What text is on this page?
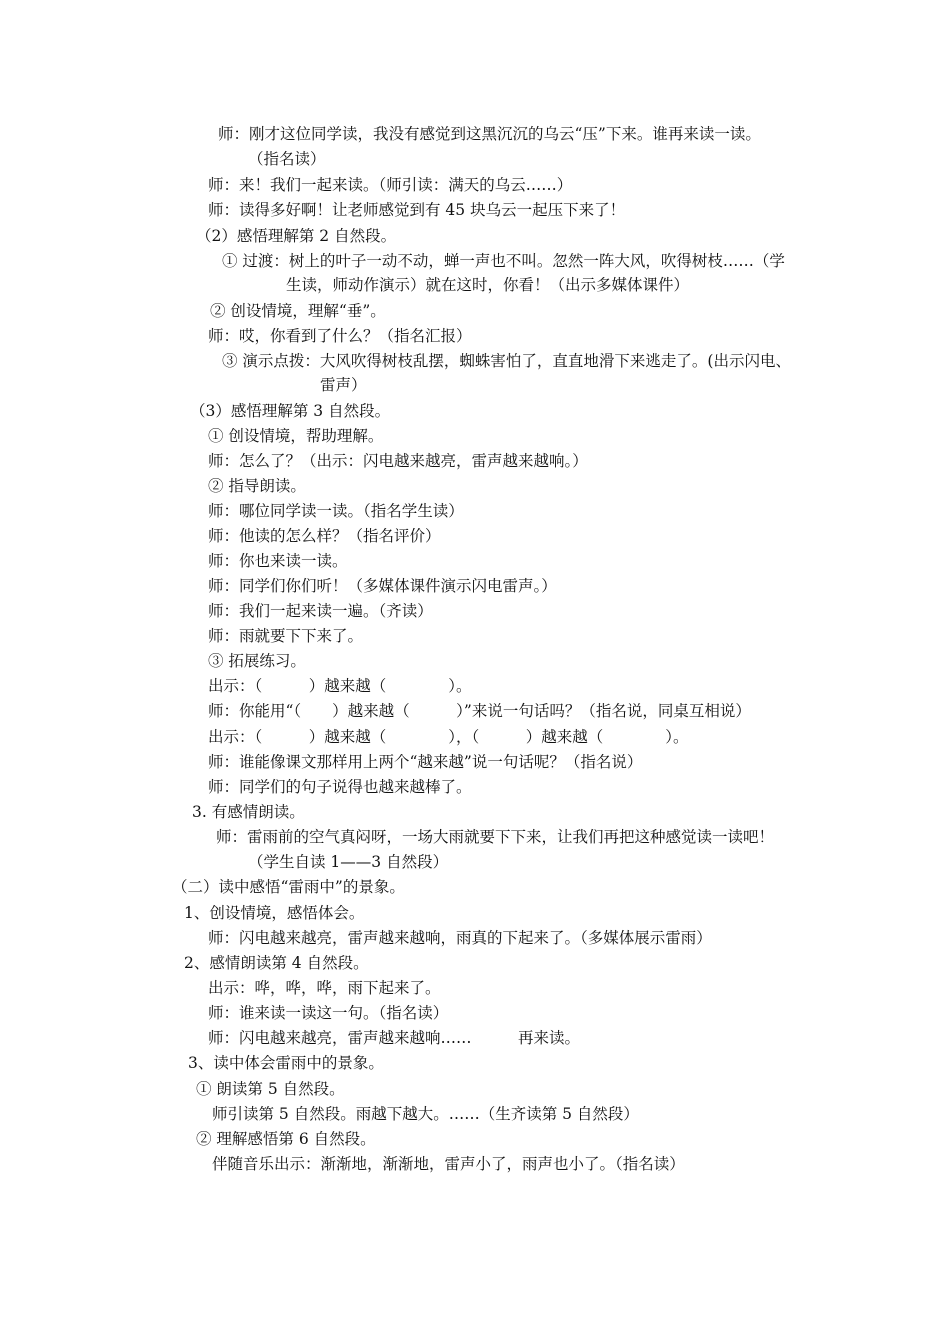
师：刚才这位同学读，我没有感觉到这黑沉沉的乌云“压”下来。谁再来读一读。
（指名读）
师：来！我们一起来读。（师引读：满天的乌云……）
师：读得多好啊！让老师感觉到有 45 块乌云一起压下来了！
（2）感悟理解第 2 自然段。
① 过渡：树上的叶子一动不动，蝉一声也不叫。忽然一阵大风，吹得树枝……（学
生读，师动作演示）就在这时，你看！（出示多媒体课件）
② 创设情境，理解“垂”。
师：哎，你看到了什么？（指名汇报）
③ 演示点拨：大风吹得树枝乱摆，蜘蛛害怕了，直直地滑下来逃走了。(出示闪电、
雷声）
（3）感悟理解第 3 自然段。
① 创设情境，帮助理解。
师：怎么了？（出示：闪电越来越亮，雷声越来越响。）
② 指导朗读。
师：哪位同学读一读。（指名学生读）
师：他读的怎么样？（指名评价）
师：你也来读一读。
师：同学们你们听！（多媒体课件演示闪电雷声。）
师：我们一起来读一遍。（齐读）
师：雨就要下下来了。
③ 拓展练习。
出示：（　　　）越来越（　　　　）。
师：你能用“（　　）越来越（　　　）”来说一句话吗？（指名说，同桌互相说）
出示：（　　　）越来越（　　　　），（　　　）越来越（　　　　）。
师：谁能像课文那样用上两个“越来越”说一句话呢？（指名说）
师：同学们的句子说得也越来越棒了。
3. 有感情朗读。
师：雷雨前的空气真闷呀，一场大雨就要下下来，让我们再把这种感觉读一读吧！
（学生自读 1——3 自然段）
（二）读中感悟“雷雨中”的景象。
1、创设情境，感悟体会。
师：闪电越来越亮，雷声越来越响，雨真的下起来了。（多媒体展示雷雨）
2、感情朗读第 4 自然段。
出示：哗，哗，哗，雨下起来了。
师：谁来读一读这一句。（指名读）
师：闪电越来越亮，雷声越来越响……　　　再来读。
3、读中体会雷雨中的景象。
① 朗读第 5 自然段。
师引读第 5 自然段。雨越下越大。……（生齐读第 5 自然段）
② 理解感悟第 6 自然段。
伴随音乐出示：渐渐地，渐渐地，雷声小了，雨声也小了。（指名读）
